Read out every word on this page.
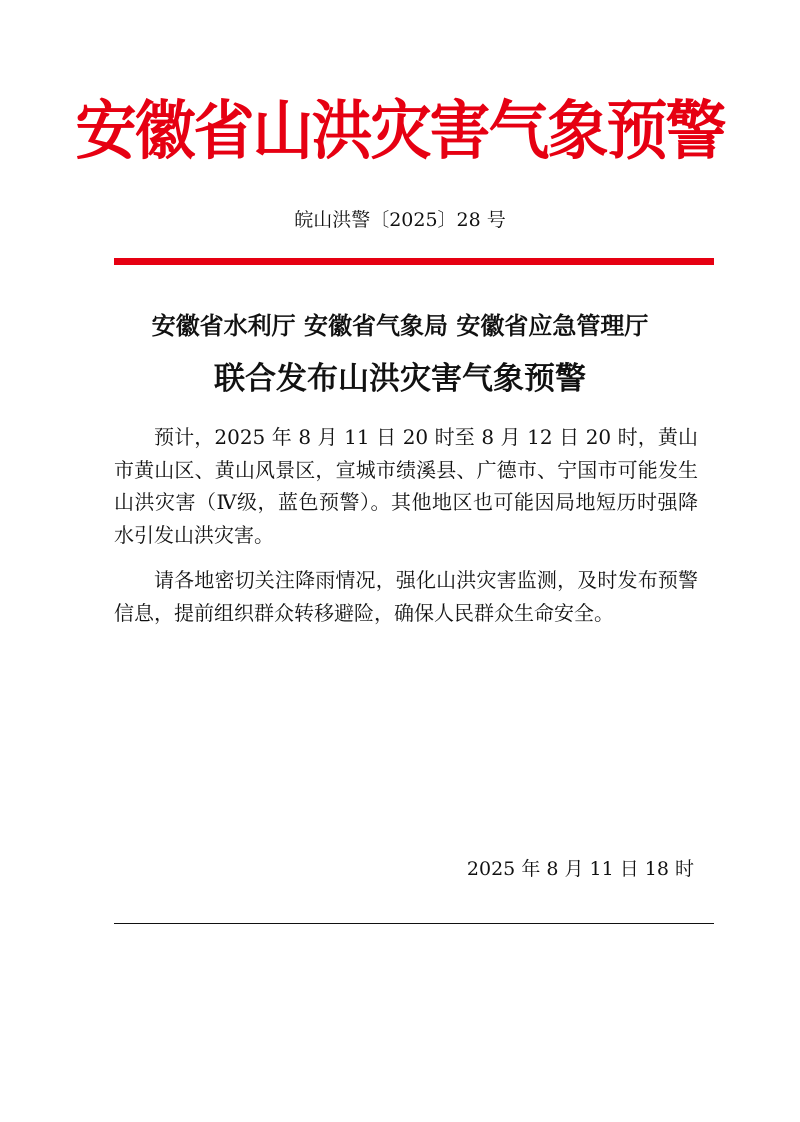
安徽省山洪灾害气象预警
皖山洪警〔2025〕28 号
安徽省水利厅 安徽省气象局 安徽省应急管理厅
联合发布山洪灾害气象预警

预计，2025 年 8 月 11 日 20 时至 8 月 12 日 20 时，黄山市黄山区、黄山风景区，宣城市绩溪县、广德市、宁国市可能发生山洪灾害（Ⅳ级，蓝色预警）。其他地区也可能因局地短历时强降水引发山洪灾害。

请各地密切关注降雨情况，强化山洪灾害监测，及时发布预警信息，提前组织群众转移避险，确保人民群众生命安全。

2025 年 8 月 11 日 18 时
